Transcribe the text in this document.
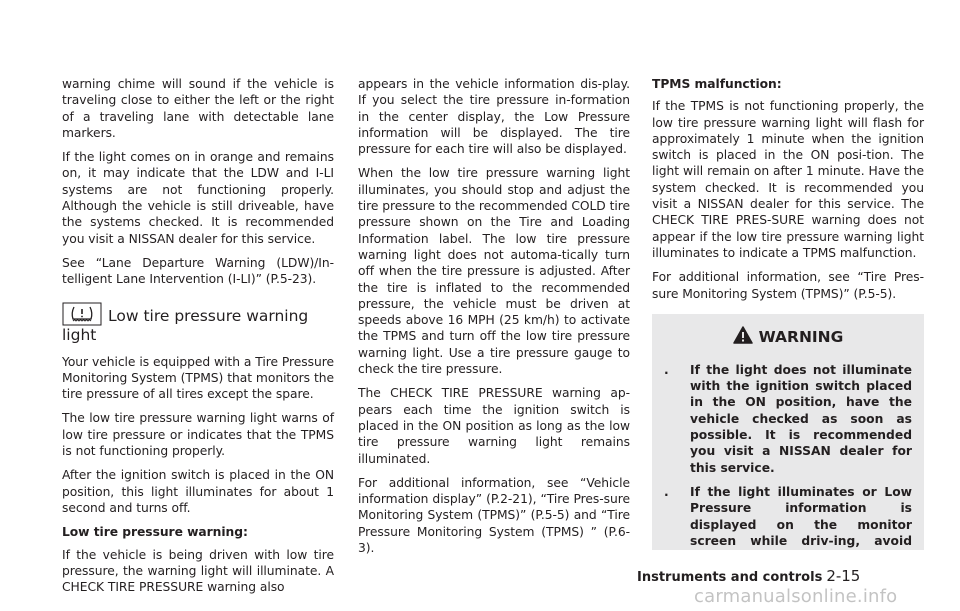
warning chime will sound if the vehicle is traveling close to either the left or the right of a traveling lane with detectable lane markers.

If the light comes on in orange and remains on, it may indicate that the LDW and I-LI systems are not functioning properly. Although the vehicle is still driveable, have the systems checked. It is recommended you visit a NISSAN dealer for this service.

See “Lane Departure Warning (LDW)/In-telligent Lane Intervention (I-LI)” (P.5-23).

Low tire pressure warning light

Your vehicle is equipped with a Tire Pressure Monitoring System (TPMS) that monitors the tire pressure of all tires except the spare.

The low tire pressure warning light warns of low tire pressure or indicates that the TPMS is not functioning properly.

After the ignition switch is placed in the ON position, this light illuminates for about 1 second and turns off.

Low tire pressure warning:

If the vehicle is being driven with low tire pressure, the warning light will illuminate. A CHECK TIRE PRESSURE warning also

appears in the vehicle information dis-play. If you select the tire pressure in-formation in the center display, the Low Pressure information will be displayed. The tire pressure for each tire will also be displayed.

When the low tire pressure warning light illuminates, you should stop and adjust the tire pressure to the recommended COLD tire pressure shown on the Tire and Loading Information label. The low tire pressure warning light does not automa-tically turn off when the tire pressure is adjusted. After the tire is inflated to the recommended pressure, the vehicle must be driven at speeds above 16 MPH (25 km/h) to activate the TPMS and turn off the low tire pressure warning light. Use a tire pressure gauge to check the tire pressure.

The CHECK TIRE PRESSURE warning ap-pears each time the ignition switch is placed in the ON position as long as the low tire pressure warning light remains illuminated.

For additional information, see “Vehicle information display” (P.2-21), “Tire Pres-sure Monitoring System (TPMS)” (P.5-5) and “Tire Pressure Monitoring System (TPMS) ” (P.6-3).

TPMS malfunction:

If the TPMS is not functioning properly, the low tire pressure warning light will flash for approximately 1 minute when the ignition switch is placed in the ON posi-tion. The light will remain on after 1 minute. Have the system checked. It is recommended you visit a NISSAN dealer for this service. The CHECK TIRE PRES-SURE warning does not appear if the low tire pressure warning light illuminates to indicate a TPMS malfunction.

For additional information, see “Tire Pres-sure Monitoring System (TPMS)” (P.5-5).

WARNING
. If the light does not illuminate with the ignition switch placed in the ON position, have the vehicle checked as soon as possible. It is recommended you visit a NISSAN dealer for this service.
. If the light illuminates or Low Pressure information is displayed on the monitor screen while driv-ing, avoid
Instruments and controls 2-15
carmanualsonline.info
